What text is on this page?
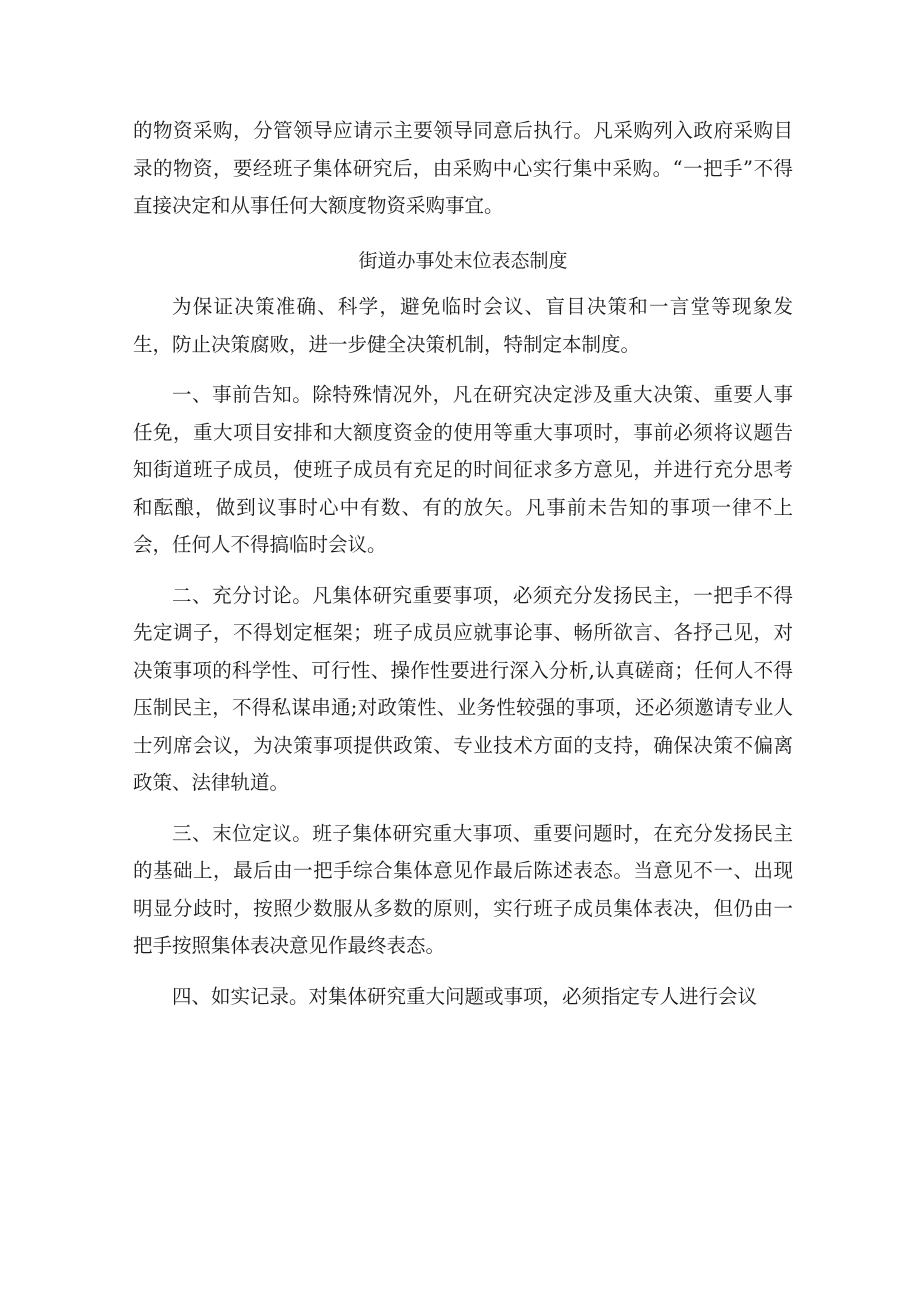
的物资采购，分管领导应请示主要领导同意后执行。凡采购列入政府采购目录的物资，要经班子集体研究后，由采购中心实行集中采购。“一把手”不得直接决定和从事任何大额度物资采购事宜。

街道办事处末位表态制度

为保证决策准确、科学，避免临时会议、盲目决策和一言堂等现象发生，防止决策腐败，进一步健全决策机制，特制定本制度。

一、事前告知。除特殊情况外，凡在研究决定涉及重大决策、重要人事任免，重大项目安排和大额度资金的使用等重大事项时，事前必须将议题告知街道班子成员，使班子成员有充足的时间征求多方意见，并进行充分思考和酝酿，做到议事时心中有数、有的放矢。凡事前未告知的事项一律不上会，任何人不得搞临时会议。

二、充分讨论。凡集体研究重要事项，必须充分发扬民主，一把手不得先定调子，不得划定框架；班子成员应就事论事、畅所欲言、各抒己见，对决策事项的科学性、可行性、操作性要进行深入分析,认真磋商；任何人不得压制民主，不得私谋串通;对政策性、业务性较强的事项，还必须邀请专业人士列席会议，为决策事项提供政策、专业技术方面的支持，确保决策不偏离政策、法律轨道。

三、末位定议。班子集体研究重大事项、重要问题时，在充分发扬民主的基础上，最后由一把手综合集体意见作最后陈述表态。当意见不一、出现明显分歧时，按照少数服从多数的原则，实行班子成员集体表决，但仍由一把手按照集体表决意见作最终表态。

四、如实记录。对集体研究重大问题或事项，必须指定专人进行会议
